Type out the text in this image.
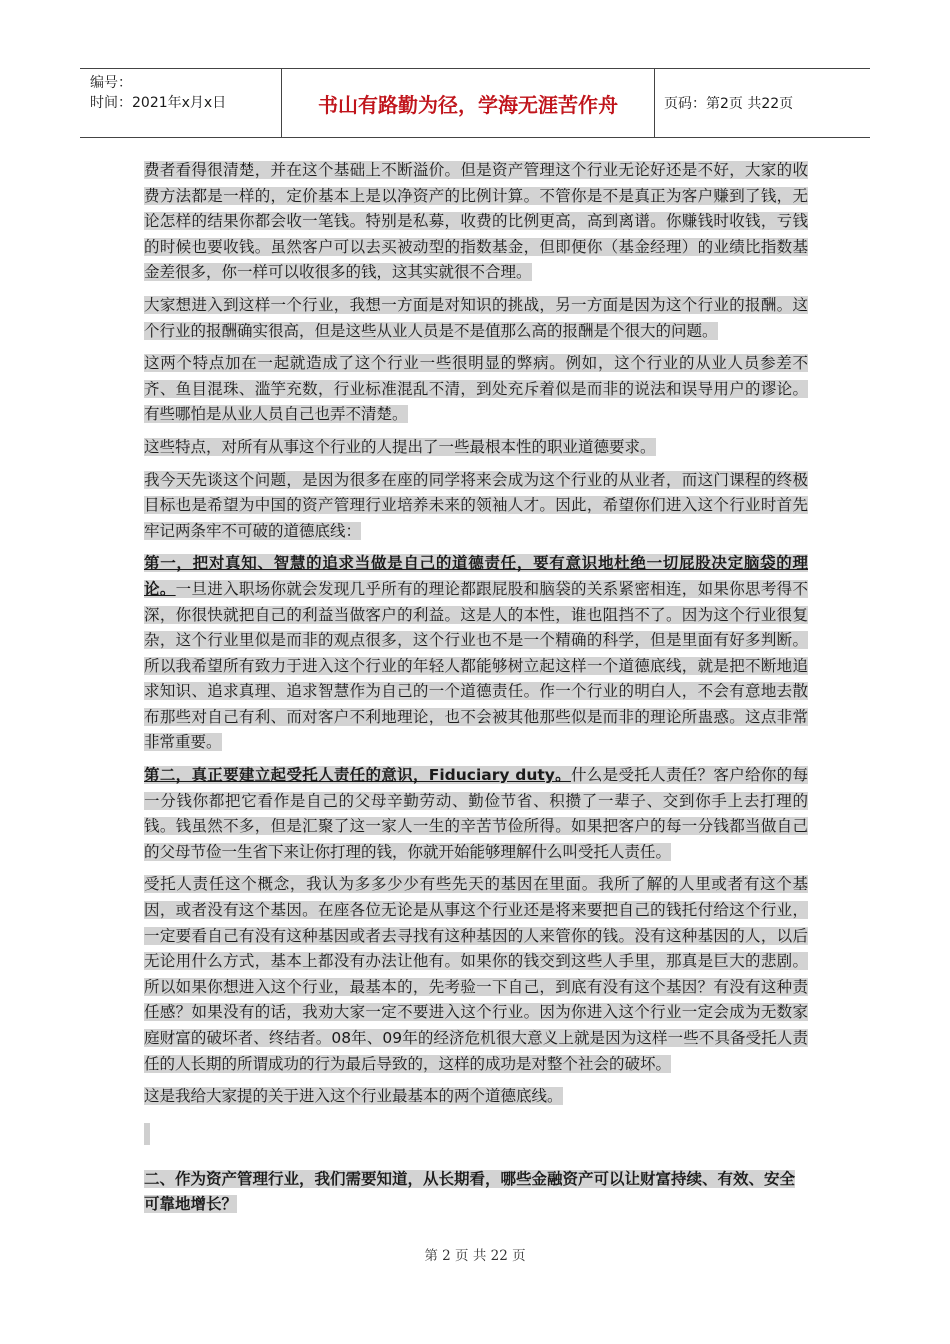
编号：
时间：2021年x月x日	书山有路勤为径，学海无涯苦作舟	页码：第2页 共22页

费者看得很清楚，并在这个基础上不断溢价。但是资产管理这个行业无论好还是不好，大家的收费方法都是一样的，定价基本上是以净资产的比例计算。不管你是不是真正为客户赚到了钱，无论怎样的结果你都会收一笔钱。特别是私募，收费的比例更高，高到离谱。你赚钱时收钱，亏钱的时候也要收钱。虽然客户可以去买被动型的指数基金，但即便你（基金经理）的业绩比指数基金差很多，你一样可以收很多的钱，这其实就很不合理。

大家想进入到这样一个行业，我想一方面是对知识的挑战，另一方面是因为这个行业的报酬。这个行业的报酬确实很高，但是这些从业人员是不是值那么高的报酬是个很大的问题。

这两个特点加在一起就造成了这个行业一些很明显的弊病。例如，这个行业的从业人员参差不齐、鱼目混珠、滥竽充数，行业标准混乱不清，到处充斥着似是而非的说法和误导用户的谬论。有些哪怕是从业人员自己也弄不清楚。

这些特点，对所有从事这个行业的人提出了一些最根本性的职业道德要求。

我今天先谈这个问题，是因为很多在座的同学将来会成为这个行业的从业者，而这门课程的终极目标也是希望为中国的资产管理行业培养未来的领袖人才。因此，希望你们进入这个行业时首先牢记两条牢不可破的道德底线：

第一，把对真知、智慧的追求当做是自己的道德责任，要有意识地杜绝一切屁股决定脑袋的理论。一旦进入职场你就会发现几乎所有的理论都跟屁股和脑袋的关系紧密相连，如果你思考得不深，你很快就把自己的利益当做客户的利益。这是人的本性，谁也阻挡不了。因为这个行业很复杂，这个行业里似是而非的观点很多，这个行业也不是一个精确的科学，但是里面有好多判断。所以我希望所有致力于进入这个行业的年轻人都能够树立起这样一个道德底线，就是把不断地追求知识、追求真理、追求智慧作为自己的一个道德责任。作一个行业的明白人，不会有意地去散布那些对自己有利、而对客户不利地理论，也不会被其他那些似是而非的理论所蛊惑。这点非常非常重要。

第二，真正要建立起受托人责任的意识，Fiduciary duty。什么是受托人责任？客户给你的每一分钱你都把它看作是自己的父母辛勤劳动、勤俭节省、积攒了一辈子、交到你手上去打理的钱。钱虽然不多，但是汇聚了这一家人一生的辛苦节俭所得。如果把客户的每一分钱都当做自己的父母节俭一生省下来让你打理的钱，你就开始能够理解什么叫受托人责任。

受托人责任这个概念，我认为多多少少有些先天的基因在里面。我所了解的人里或者有这个基因，或者没有这个基因。在座各位无论是从事这个行业还是将来要把自己的钱托付给这个行业，一定要看自己有没有这种基因或者去寻找有这种基因的人来管你的钱。没有这种基因的人，以后无论用什么方式，基本上都没有办法让他有。如果你的钱交到这些人手里，那真是巨大的悲剧。所以如果你想进入这个行业，最基本的，先考验一下自己，到底有没有这个基因？有没有这种责任感？如果没有的话，我劝大家一定不要进入这个行业。因为你进入这个行业一定会成为无数家庭财富的破坏者、终结者。08年、09年的经济危机很大意义上就是因为这样一些不具备受托人责任的人长期的所谓成功的行为最后导致的，这样的成功是对整个社会的破坏。

这是我给大家提的关于进入这个行业最基本的两个道德底线。

二、作为资产管理行业，我们需要知道，从长期看，哪些金融资产可以让财富持续、有效、安全可靠地增长？

第 2 页 共 22 页
